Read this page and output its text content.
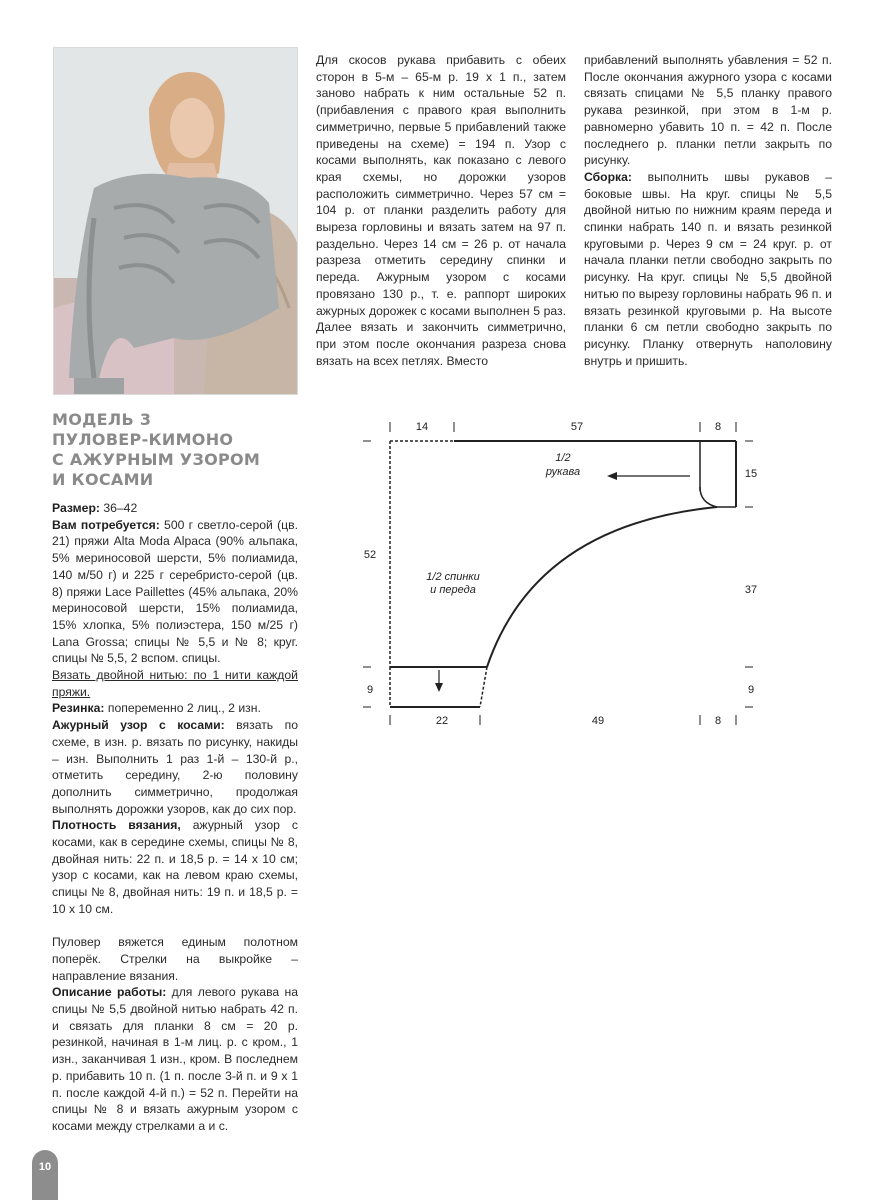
Для скосов рукава прибавить с обеих сторон в 5-м – 65-м р. 19 х 1 п., затем заново набрать к ним остальные 52 п. (прибавления с правого края выполнить симметрично, первые 5 прибавлений также приведены на схеме) = 194 п. Узор с косами выполнять, как показано с левого края схемы, но дорожки узоров расположить симметрично. Через 57 см = 104 р. от планки разделить работу для выреза горловины и вязать затем на 97 п. раздельно. Через 14 см = 26 р. от начала разреза отметить середину спинки и переда. Ажурным узором с косами провязано 130 р., т. е. раппорт широких ажурных дорожек с косами выполнен 5 раз. Далее вязать и закончить симметрично, при этом после окончания разреза снова вязать на всех петлях. Вместо

прибавлений выполнять убавления = 52 п. После окончания ажурного узора с косами связать спицами № 5,5 планку правого рукава резинкой, при этом в 1-м р. равномерно убавить 10 п. = 42 п. После последнего р. планки петли закрыть по рисунку.

Сборка: выполнить швы рукавов – боковые швы. На круг. спицы № 5,5 двойной нитью по нижним краям переда и спинки набрать 140 п. и вязать резинкой круговыми р. Через 9 см = 24 круг. р. от начала планки петли свободно закрыть по рисунку. На круг. спицы № 5,5 двойной нитью по вырезу горловины набрать 96 п. и вязать резинкой круговыми р. На высоте планки 6 см петли свободно закрыть по рисунку. Планку отвернуть наполовину внутрь и пришить.

МОДЕЛЬ 3
ПУЛОВЕР-КИМОНО
С АЖУРНЫМ УЗОРОМ
И КОСАМИ

Размер: 36–42

Вам потребуется: 500 г светло-серой (цв. 21) пряжи Alta Moda Alpaca (90% альпака, 5% мериносовой шерсти, 5% полиамида, 140 м/50 г) и 225 г серебристо-серой (цв. 8) пряжи Lace Paillettes (45% альпака, 20% мериносовой шерсти, 15% полиамида, 15% хлопка, 5% полиэстера, 150 м/25 г) Lana Grossa; спицы № 5,5 и № 8; круг. спицы № 5,5, 2 вспом. спицы.

Вязать двойной нитью: по 1 нити каждой пряжи.

Резинка: попеременно 2 лиц., 2 изн.

Ажурный узор с косами: вязать по схеме, в изн. р. вязать по рисунку, накиды – изн. Выполнить 1 раз 1-й – 130-й р., отметить середину, 2-ю половину дополнить симметрично, продолжая выполнять дорожки узоров, как до сих пор.

Плотность вязания, ажурный узор с косами, как в середине схемы, спицы № 8, двойная нить: 22 п. и 18,5 р. = 14 х 10 см; узор с косами, как на левом краю схемы, спицы № 8, двойная нить: 19 п. и 18,5 р. = 10 х 10 см.

Пуловер вяжется единым полотном поперёк. Стрелки на выкройке – направление вязания.

Описание работы: для левого рукава на спицы № 5,5 двойной нитью набрать 42 п. и связать для планки 8 см = 20 р. резинкой, начиная в 1-м лиц. р. с кром., 1 изн., заканчивая 1 изн., кром. В последнем р. прибавить 10 п. (1 п. после 3-й п. и 9 х 1 п. после каждой 4-й п.) = 52 п. Перейти на спицы № 8 и вязать ажурным узором с косами между стрелками а и с.

14	57	8
52
9
15
37
9
1/2
рукава
1/2 спинки
и переда
22	49	8
10
